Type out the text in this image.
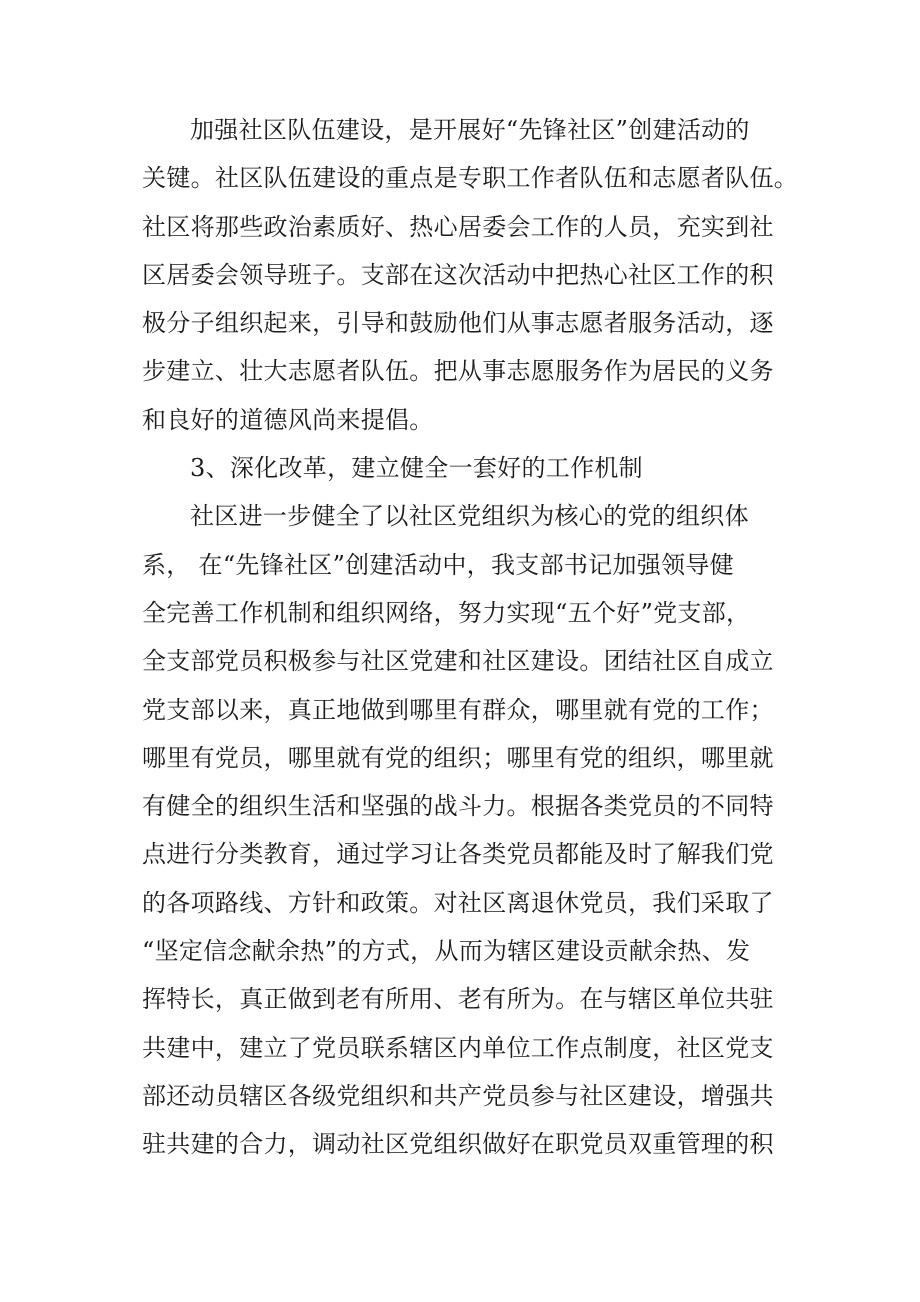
加强社区队伍建设，是开展好“先锋社区”创建活动的
关键。社区队伍建设的重点是专职工作者队伍和志愿者队伍。
社区将那些政治素质好、热心居委会工作的人员，充实到社
区居委会领导班子。支部在这次活动中把热心社区工作的积
极分子组织起来，引导和鼓励他们从事志愿者服务活动，逐
步建立、壮大志愿者队伍。把从事志愿服务作为居民的义务
和良好的道德风尚来提倡。
3、深化改革，建立健全一套好的工作机制
社区进一步健全了以社区党组织为核心的党的组织体
系， 在“先锋社区”创建活动中，我支部书记加强领导健
全完善工作机制和组织网络，努力实现“五个好”党支部，
全支部党员积极参与社区党建和社区建设。团结社区自成立
党支部以来，真正地做到哪里有群众，哪里就有党的工作；
哪里有党员，哪里就有党的组织；哪里有党的组织，哪里就
有健全的组织生活和坚强的战斗力。根据各类党员的不同特
点进行分类教育，通过学习让各类党员都能及时了解我们党
的各项路线、方针和政策。对社区离退休党员，我们采取了
“坚定信念献余热”的方式，从而为辖区建设贡献余热、发
挥特长，真正做到老有所用、老有所为。在与辖区单位共驻
共建中，建立了党员联系辖区内单位工作点制度，社区党支
部还动员辖区各级党组织和共产党员参与社区建设，增强共
驻共建的合力，调动社区党组织做好在职党员双重管理的积
